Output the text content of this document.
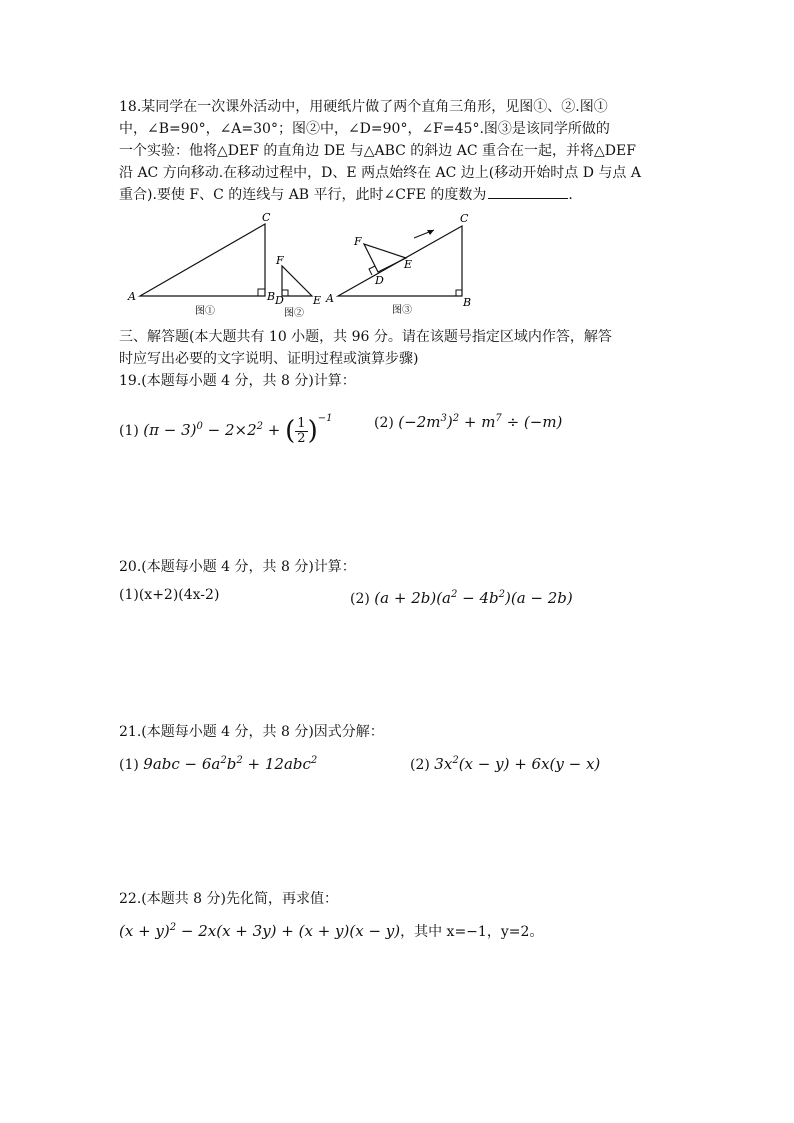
18.某同学在一次课外活动中，用硬纸片做了两个直角三角形，见图①、②.图①
中，∠B=90°，∠A=30°；图②中，∠D=90°，∠F=45°.图③是该同学所做的
一个实验：他将△DEF 的直角边 DE 与△ABC 的斜边 AC 重合在一起，并将△DEF
沿 AC 方向移动.在移动过程中，D、E 两点始终在 AC 边上(移动开始时点 D 与点 A
重合).要使 F、C 的连线与 AB 平行，此时∠CFE 的度数为	.
A	B
C
图①
F
D	E
图②
A	B
C
F
E
D
图③
三、解答题(本大题共有 10 小题，共 96 分。请在该题号指定区域内作答，解答
时应写出必要的文字说明、证明过程或演算步骤)
19.(本题每小题 4 分，共 8 分)计算：
(1) $(\pi - 3)^0 - 2\times 2^2$ + ( $\frac{1}{2} )^{-1}$	(2) $(-2m^3)^2 + m^7 \div (-m)$
20.(本题每小题 4 分，共 8 分)计算：
(1)(x+2)(4x-2)	(2) $(a + 2b)(a^2 - 4b^2)(a - 2b)$
21.(本题每小题 4 分，共 8 分)因式分解：
(1) $9abc - 6a^2b^2 + 12abc^2$	(2) $3x^2(x - y) + 6x(y - x)$
22.(本题共 8 分)先化简，再求值：
$(x + y)^2 - 2x(x + 3y) + (x + y)(x - y)$，其中 x=−1，y=2。
